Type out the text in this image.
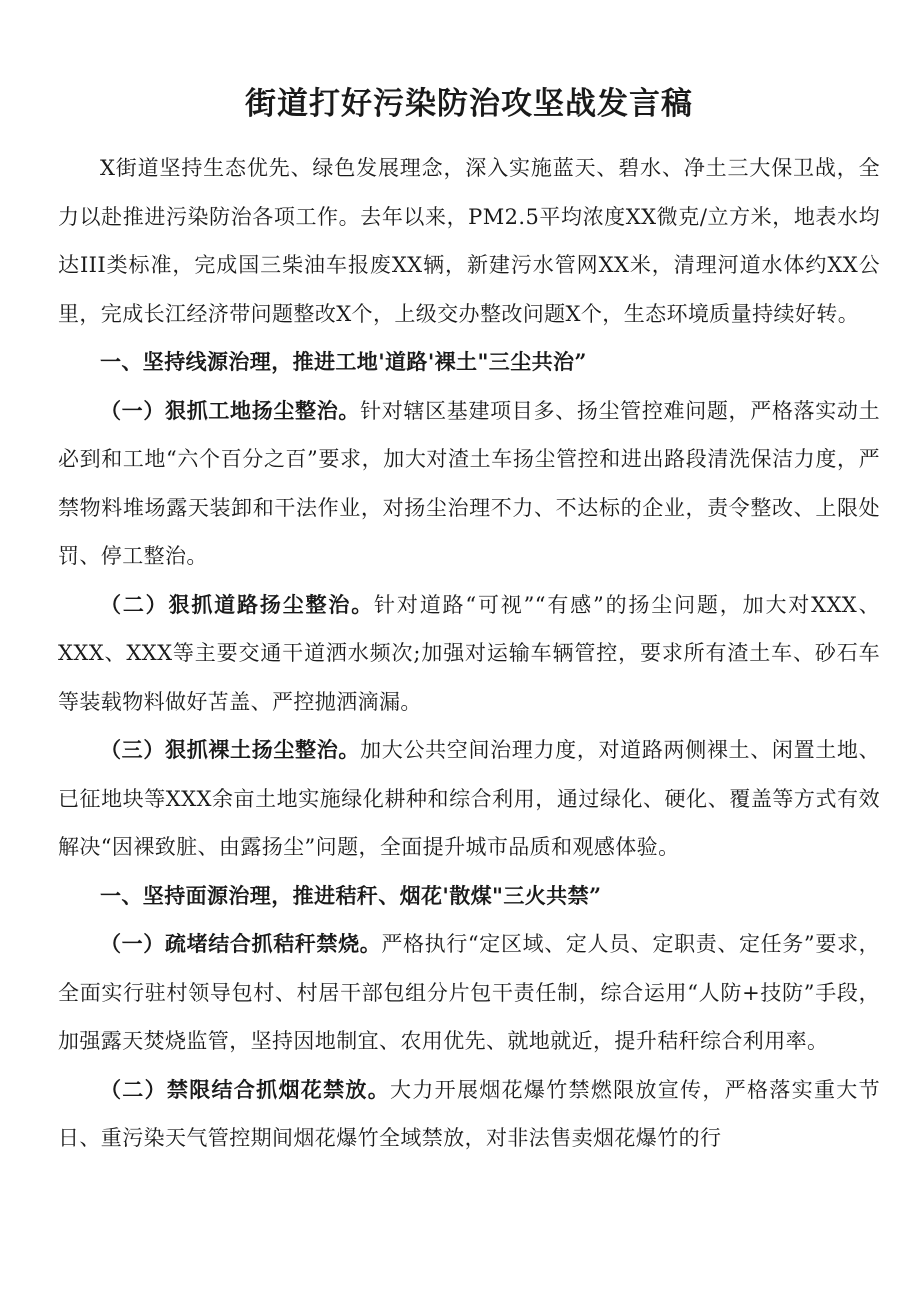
街道打好污染防治攻坚战发言稿

X街道坚持生态优先、绿色发展理念，深入实施蓝天、碧水、净土三大保卫战，全力以赴推进污染防治各项工作。去年以来，PM2.5平均浓度XX微克/立方米，地表水均达III类标准，完成国三柴油车报废XX辆，新建污水管网XX米，清理河道水体约XX公里，完成长江经济带问题整改X个，上级交办整改问题X个，生态环境质量持续好转。

一、坚持线源治理，推进工地'道路'裸土"三尘共治”

（一）狠抓工地扬尘整治。针对辖区基建项目多、扬尘管控难问题，严格落实动土必到和工地“六个百分之百”要求，加大对渣土车扬尘管控和进出路段清洗保洁力度，严禁物料堆场露天装卸和干法作业，对扬尘治理不力、不达标的企业，责令整改、上限处罚、停工整治。

（二）狠抓道路扬尘整治。针对道路“可视”“有感”的扬尘问题，加大对XXX、XXX、XXX等主要交通干道洒水频次;加强对运输车辆管控，要求所有渣土车、砂石车等装载物料做好苫盖、严控抛洒滴漏。

（三）狠抓裸土扬尘整治。加大公共空间治理力度，对道路两侧裸土、闲置土地、已征地块等XXX余亩土地实施绿化耕种和综合利用，通过绿化、硬化、覆盖等方式有效解决“因裸致脏、由露扬尘”问题，全面提升城市品质和观感体验。

一、坚持面源治理，推进秸秆、烟花'散煤"三火共禁”

（一）疏堵结合抓秸秆禁烧。严格执行“定区域、定人员、定职责、定任务”要求，全面实行驻村领导包村、村居干部包组分片包干责任制，综合运用“人防+技防”手段，加强露天焚烧监管，坚持因地制宜、农用优先、就地就近，提升秸秆综合利用率。

（二）禁限结合抓烟花禁放。大力开展烟花爆竹禁燃限放宣传，严格落实重大节日、重污染天气管控期间烟花爆竹全域禁放，对非法售卖烟花爆竹的行
